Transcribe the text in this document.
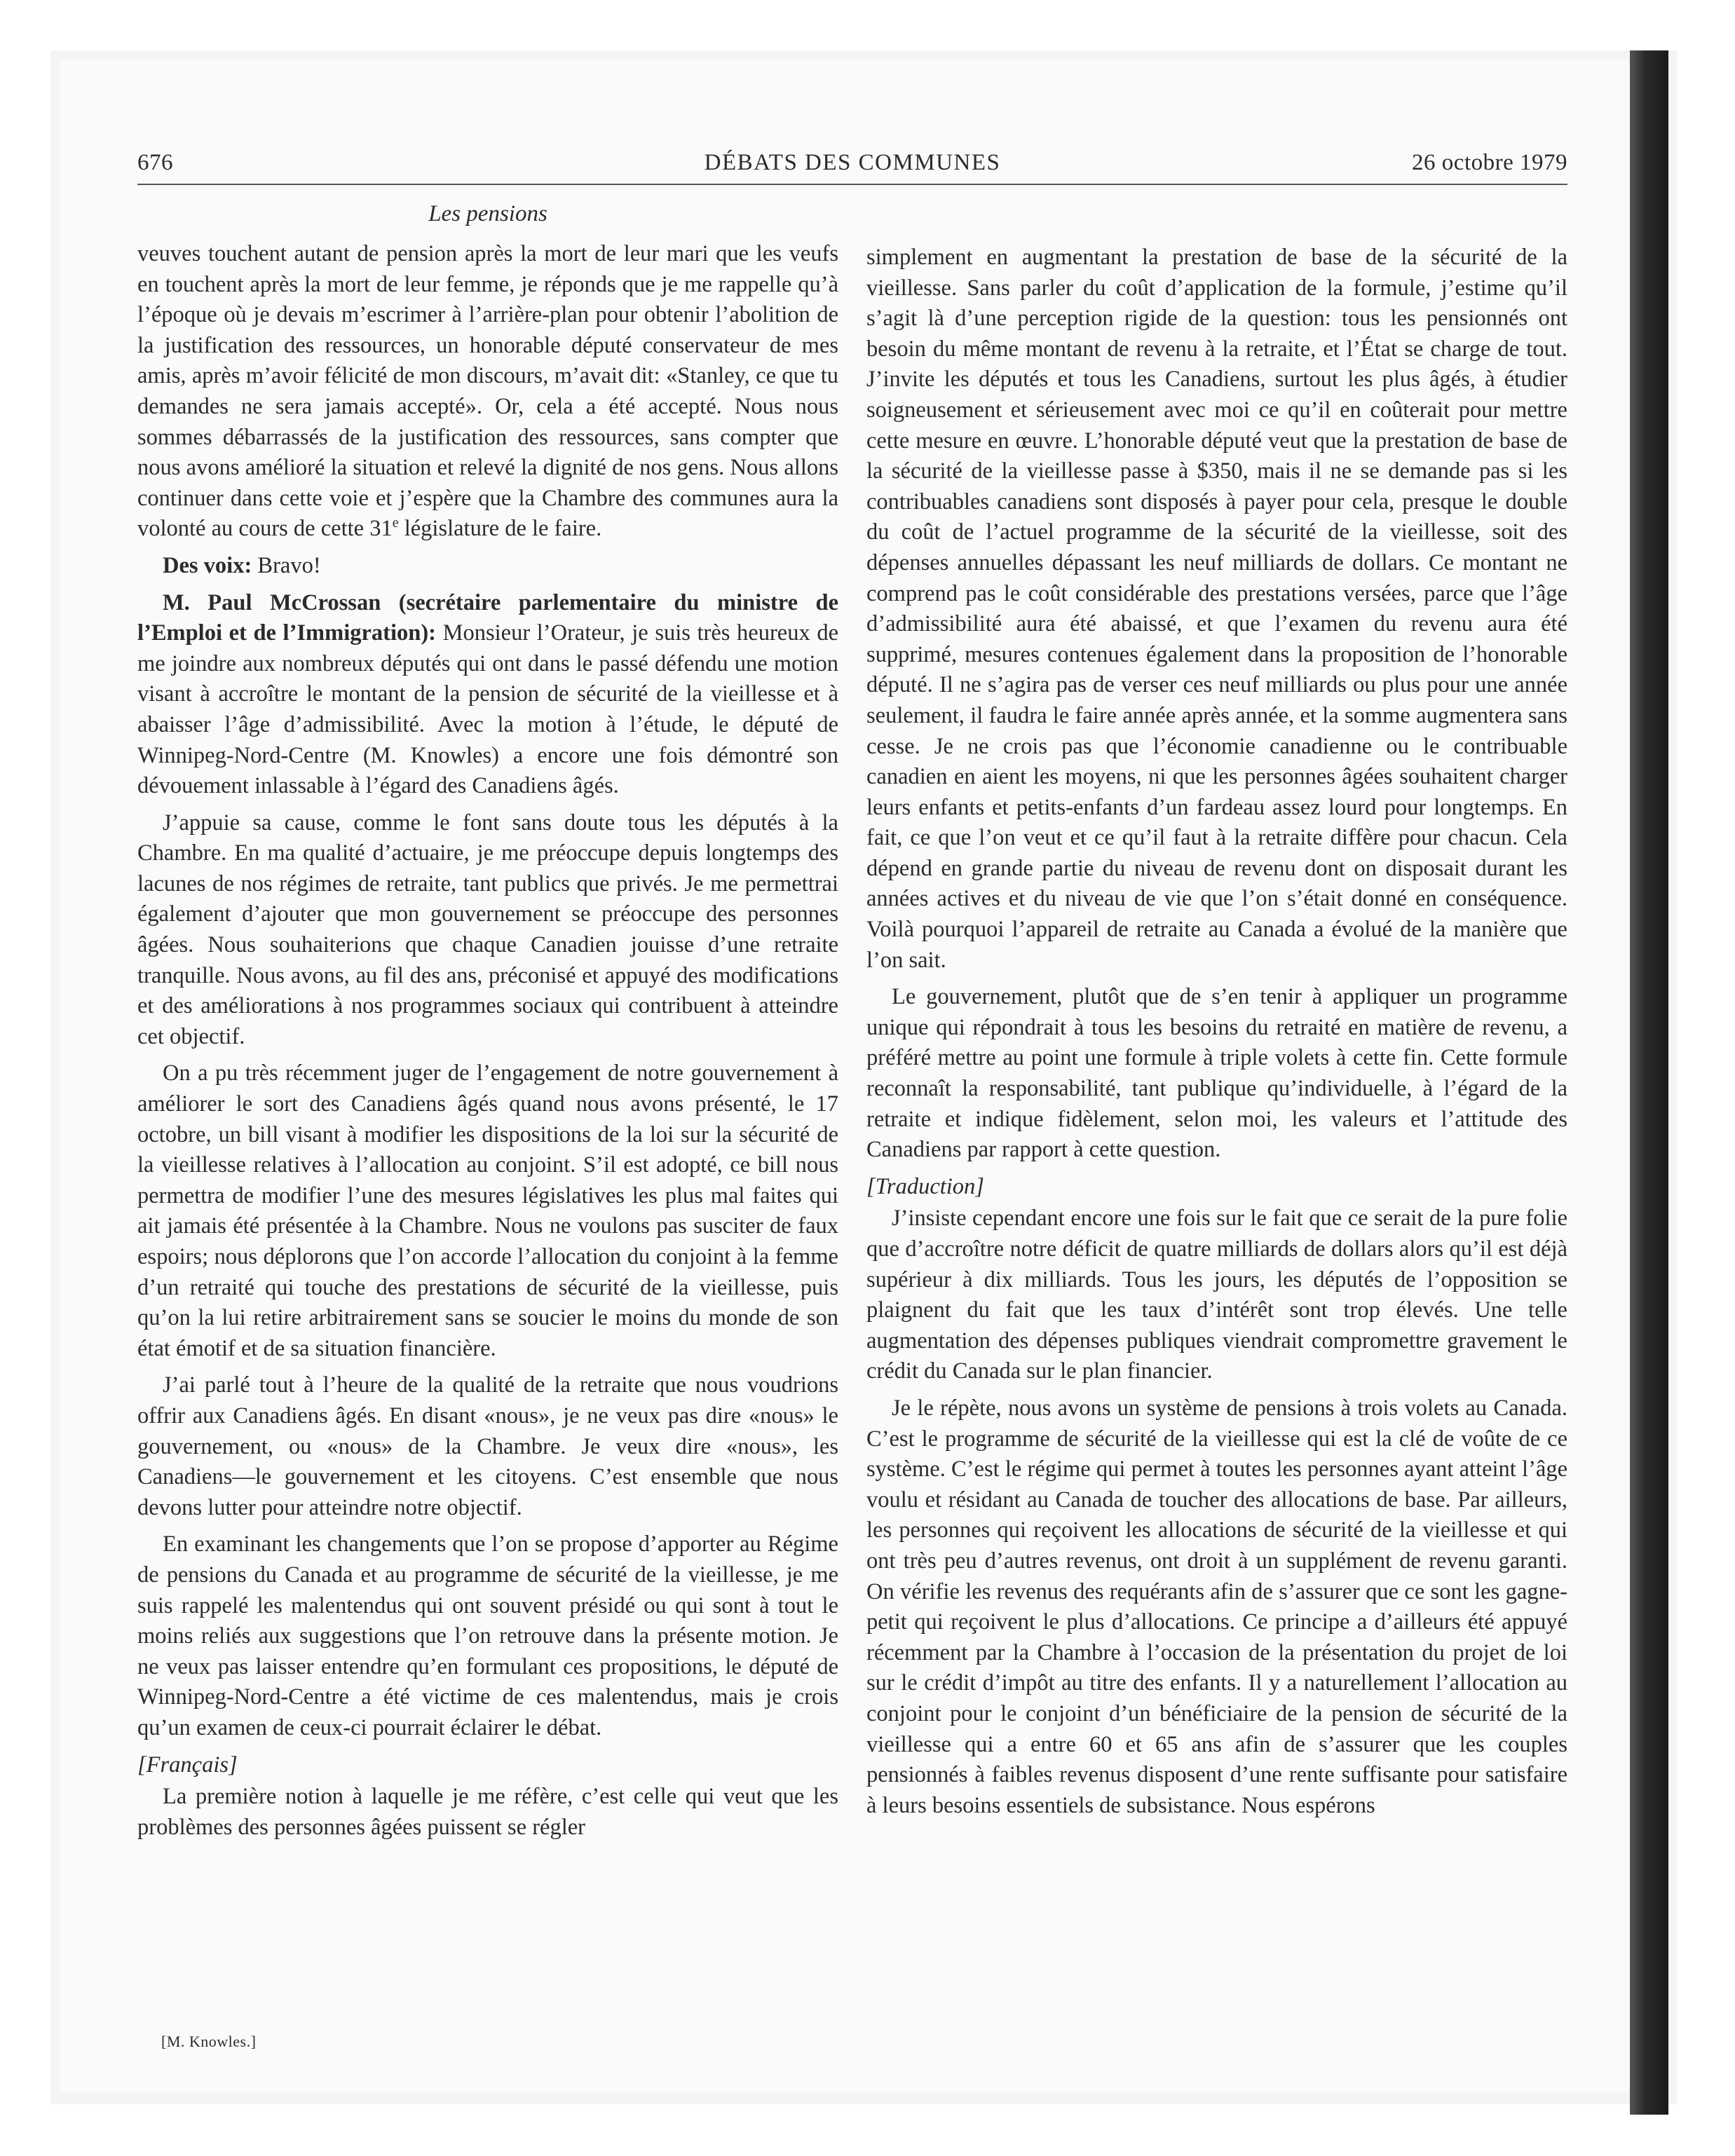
676	DÉBATS DES COMMUNES	26 octobre 1979
Les pensions

veuves touchent autant de pension après la mort de leur mari que les veufs en touchent après la mort de leur femme, je réponds que je me rappelle qu’à l’époque où je devais m’escrimer à l’arrière-plan pour obtenir l’abolition de la justification des ressources, un honorable député conservateur de mes amis, après m’avoir félicité de mon discours, m’avait dit: «Stanley, ce que tu demandes ne sera jamais accepté». Or, cela a été accepté. Nous nous sommes débarrassés de la justification des ressources, sans compter que nous avons amélioré la situation et relevé la dignité de nos gens. Nous allons continuer dans cette voie et j’espère que la Chambre des communes aura la volonté au cours de cette 31e législature de le faire.

Des voix: Bravo!

M. Paul McCrossan (secrétaire parlementaire du ministre de l’Emploi et de l’Immigration): Monsieur l’Orateur, je suis très heureux de me joindre aux nombreux députés qui ont dans le passé défendu une motion visant à accroître le montant de la pension de sécurité de la vieillesse et à abaisser l’âge d’admissibilité. Avec la motion à l’étude, le député de Winnipeg-Nord-Centre (M. Knowles) a encore une fois démontré son dévouement inlassable à l’égard des Canadiens âgés.

J’appuie sa cause, comme le font sans doute tous les députés à la Chambre. En ma qualité d’actuaire, je me préoccupe depuis longtemps des lacunes de nos régimes de retraite, tant publics que privés. Je me permettrai également d’ajouter que mon gouvernement se préoccupe des personnes âgées. Nous souhaiterions que chaque Canadien jouisse d’une retraite tranquille. Nous avons, au fil des ans, préconisé et appuyé des modifications et des améliorations à nos programmes sociaux qui contribuent à atteindre cet objectif.

On a pu très récemment juger de l’engagement de notre gouvernement à améliorer le sort des Canadiens âgés quand nous avons présenté, le 17 octobre, un bill visant à modifier les dispositions de la loi sur la sécurité de la vieillesse relatives à l’allocation au conjoint. S’il est adopté, ce bill nous permettra de modifier l’une des mesures législatives les plus mal faites qui ait jamais été présentée à la Chambre. Nous ne voulons pas susciter de faux espoirs; nous déplorons que l’on accorde l’allocation du conjoint à la femme d’un retraité qui touche des prestations de sécurité de la vieillesse, puis qu’on la lui retire arbitrairement sans se soucier le moins du monde de son état émotif et de sa situation financière.

J’ai parlé tout à l’heure de la qualité de la retraite que nous voudrions offrir aux Canadiens âgés. En disant «nous», je ne veux pas dire «nous» le gouvernement, ou «nous» de la Chambre. Je veux dire «nous», les Canadiens—le gouvernement et les citoyens. C’est ensemble que nous devons lutter pour atteindre notre objectif.

En examinant les changements que l’on se propose d’apporter au Régime de pensions du Canada et au programme de sécurité de la vieillesse, je me suis rappelé les malentendus qui ont souvent présidé ou qui sont à tout le moins reliés aux suggestions que l’on retrouve dans la présente motion. Je ne veux pas laisser entendre qu’en formulant ces propositions, le député de Winnipeg-Nord-Centre a été victime de ces malentendus, mais je crois qu’un examen de ceux-ci pourrait éclairer le débat.

[Français]

La première notion à laquelle je me réfère, c’est celle qui veut que les problèmes des personnes âgées puissent se régler

simplement en augmentant la prestation de base de la sécurité de la vieillesse. Sans parler du coût d’application de la formule, j’estime qu’il s’agit là d’une perception rigide de la question: tous les pensionnés ont besoin du même montant de revenu à la retraite, et l’État se charge de tout. J’invite les députés et tous les Canadiens, surtout les plus âgés, à étudier soigneusement et sérieusement avec moi ce qu’il en coûterait pour mettre cette mesure en œuvre. L’honorable député veut que la prestation de base de la sécurité de la vieillesse passe à $350, mais il ne se demande pas si les contribuables canadiens sont disposés à payer pour cela, presque le double du coût de l’actuel programme de la sécurité de la vieillesse, soit des dépenses annuelles dépassant les neuf milliards de dollars. Ce montant ne comprend pas le coût considérable des prestations versées, parce que l’âge d’admissibilité aura été abaissé, et que l’examen du revenu aura été supprimé, mesures contenues également dans la proposition de l’honorable député. Il ne s’agira pas de verser ces neuf milliards ou plus pour une année seulement, il faudra le faire année après année, et la somme augmentera sans cesse. Je ne crois pas que l’économie canadienne ou le contribuable canadien en aient les moyens, ni que les personnes âgées souhaitent charger leurs enfants et petits-enfants d’un fardeau assez lourd pour longtemps. En fait, ce que l’on veut et ce qu’il faut à la retraite diffère pour chacun. Cela dépend en grande partie du niveau de revenu dont on disposait durant les années actives et du niveau de vie que l’on s’était donné en conséquence. Voilà pourquoi l’appareil de retraite au Canada a évolué de la manière que l’on sait.

Le gouvernement, plutôt que de s’en tenir à appliquer un programme unique qui répondrait à tous les besoins du retraité en matière de revenu, a préféré mettre au point une formule à triple volets à cette fin. Cette formule reconnaît la responsabilité, tant publique qu’individuelle, à l’égard de la retraite et indique fidèlement, selon moi, les valeurs et l’attitude des Canadiens par rapport à cette question.

[Traduction]

J’insiste cependant encore une fois sur le fait que ce serait de la pure folie que d’accroître notre déficit de quatre milliards de dollars alors qu’il est déjà supérieur à dix milliards. Tous les jours, les députés de l’opposition se plaignent du fait que les taux d’intérêt sont trop élevés. Une telle augmentation des dépenses publiques viendrait compromettre gravement le crédit du Canada sur le plan financier.

Je le répète, nous avons un système de pensions à trois volets au Canada. C’est le programme de sécurité de la vieillesse qui est la clé de voûte de ce système. C’est le régime qui permet à toutes les personnes ayant atteint l’âge voulu et résidant au Canada de toucher des allocations de base. Par ailleurs, les personnes qui reçoivent les allocations de sécurité de la vieillesse et qui ont très peu d’autres revenus, ont droit à un supplément de revenu garanti. On vérifie les revenus des requérants afin de s’assurer que ce sont les gagne-petit qui reçoivent le plus d’allocations. Ce principe a d’ailleurs été appuyé récemment par la Chambre à l’occasion de la présentation du projet de loi sur le crédit d’impôt au titre des enfants. Il y a naturellement l’allocation au conjoint pour le conjoint d’un bénéficiaire de la pension de sécurité de la vieillesse qui a entre 60 et 65 ans afin de s’assurer que les couples pensionnés à faibles revenus disposent d’une rente suffisante pour satisfaire à leurs besoins essentiels de subsistance. Nous espérons

[M. Knowles.]
